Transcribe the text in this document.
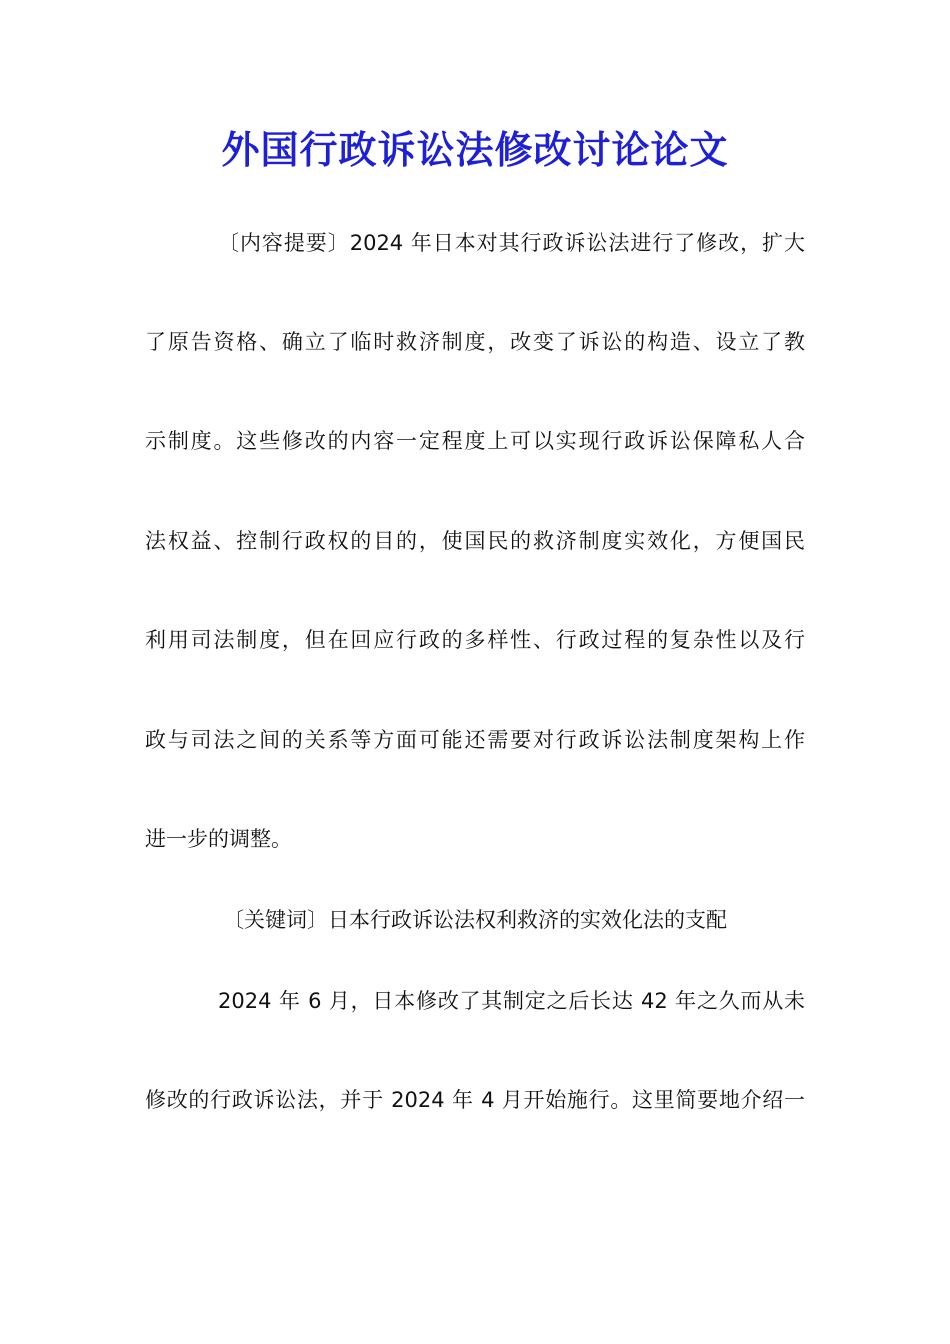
外国行政诉讼法修改讨论论文

〔内容提要〕2024 年日本对其行政诉讼法进行了修改，扩大

了原告资格、确立了临时救济制度，改变了诉讼的构造、设立了教

示制度。这些修改的内容一定程度上可以实现行政诉讼保障私人合

法权益、控制行政权的目的，使国民的救济制度实效化，方便国民

利用司法制度，但在回应行政的多样性、行政过程的复杂性以及行

政与司法之间的关系等方面可能还需要对行政诉讼法制度架构上作

进一步的调整。

〔关键词〕日本行政诉讼法权利救济的实效化法的支配

2024 年 6 月，日本修改了其制定之后长达 42 年之久而从未

修改的行政诉讼法，并于 2024 年 4 月开始施行。这里简要地介绍一
